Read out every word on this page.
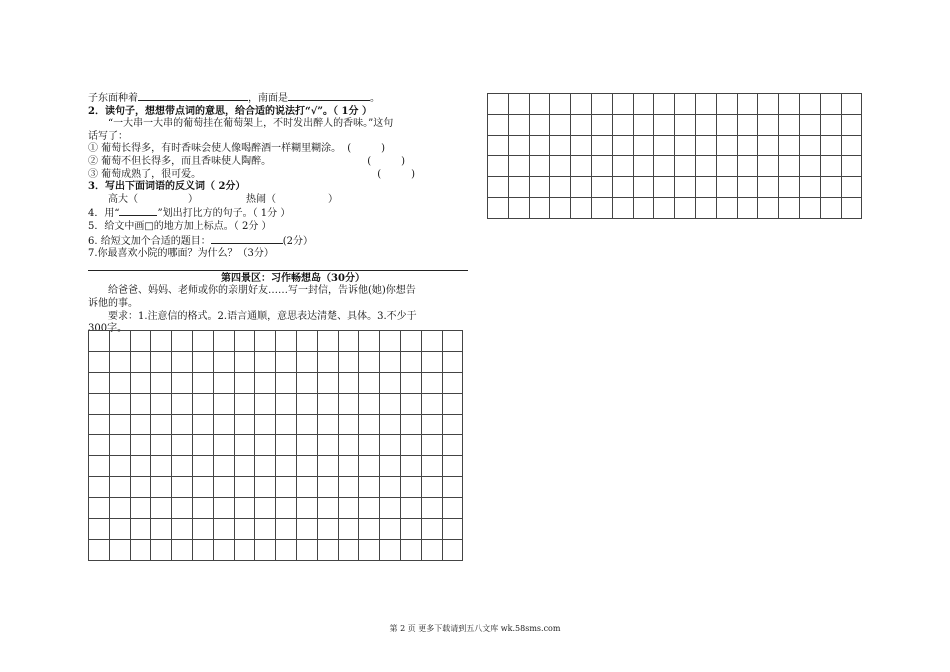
子东面种着	，南面是	。
2．读句子，想想带点词的意思，给合适的说法打“√”。（ 1分 ）
“一大串一大串的葡萄挂在葡萄架上，不时发出醉人的香味。”这句
话写了：
① 葡萄长得多，有时香味会使人像喝醉酒一样糊里糊涂。 (	)
② 葡萄不但长得多，而且香味使人陶醉。	(	)
③ 葡萄成熟了，很可爱。	(	)
3．写出下面词语的反义词（ 2分）
高大（	）	热闹（	）
4．用“	”划出打比方的句子。（ 1分 ）
5．给文中画□的地方加上标点。（ 2分 ）
6. 给短文加个合适的题目：	(2分）
7.你最喜欢小院的哪面？为什么？（3分）
第四景区：习作畅想岛（30分）
给爸爸、妈妈、老师或你的亲朋好友……写一封信，告诉他(她)你想告
诉他的事。
要求：1.注意信的格式。2.语言通顺，意思表达清楚、具体。3.不少于
300字。
第 2 页 更多下载请到五八文库 wk.58sms.com
